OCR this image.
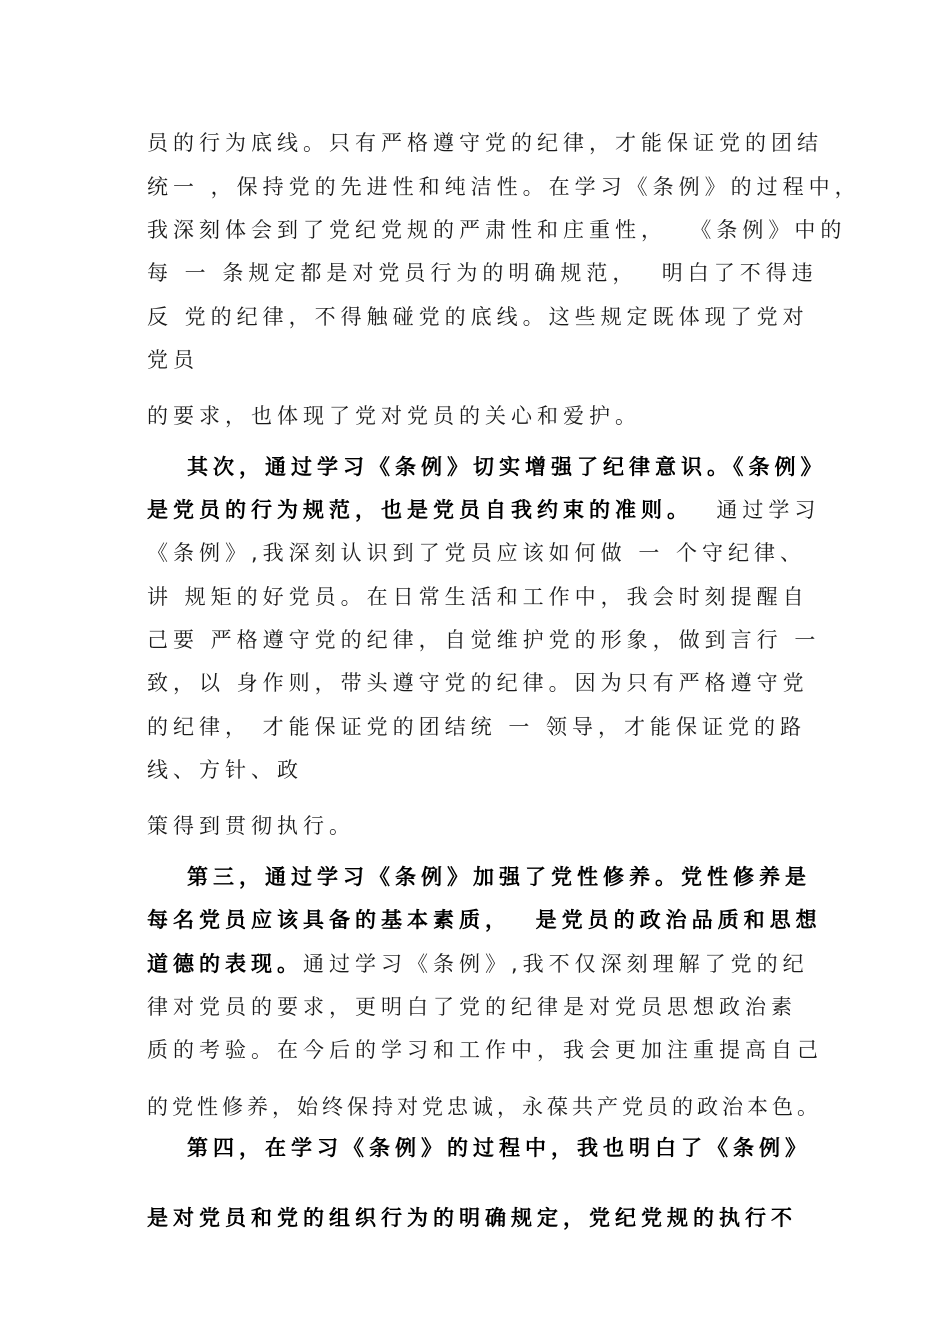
员的行为底线。只有严格遵守党的纪律，才能保证党的团结
统一 ，保持党的先进性和纯洁性。在学习《条例》的过程中，
我深刻体会到了党纪党规的严肃性和庄重性，  《条例》中的
每 一 条规定都是对党员行为的明确规范，  明白了不得违
反 党的纪律，不得触碰党的底线。这些规定既体现了党对
党员
的要求，也体现了党对党员的关心和爱护。
其次，通过学习《条例》切实增强了纪律意识。《条例》
是党员的行为规范，也是党员自我约束的准则。  通过学习
《条例》,我深刻认识到了党员应该如何做 一 个守纪律、
讲 规矩的好党员。在日常生活和工作中，我会时刻提醒自
己要 严格遵守党的纪律，自觉维护党的形象，做到言行 一
致，以 身作则，带头遵守党的纪律。因为只有严格遵守党
的纪律， 才能保证党的团结统 一 领导，才能保证党的路
线、方针、政
策得到贯彻执行。
第三，通过学习《条例》加强了党性修养。党性修养是
每名党员应该具备的基本素质，  是党员的政治品质和思想
道德的表现。通过学习《条例》,我不仅深刻理解了党的纪
律对党员的要求，更明白了党的纪律是对党员思想政治素
质的考验。在今后的学习和工作中，我会更加注重提高自己
的党性修养，始终保持对党忠诚，永葆共产党员的政治本色。
第四，在学习《条例》的过程中，我也明白了《条例》
是对党员和党的组织行为的明确规定，党纪党规的执行不
